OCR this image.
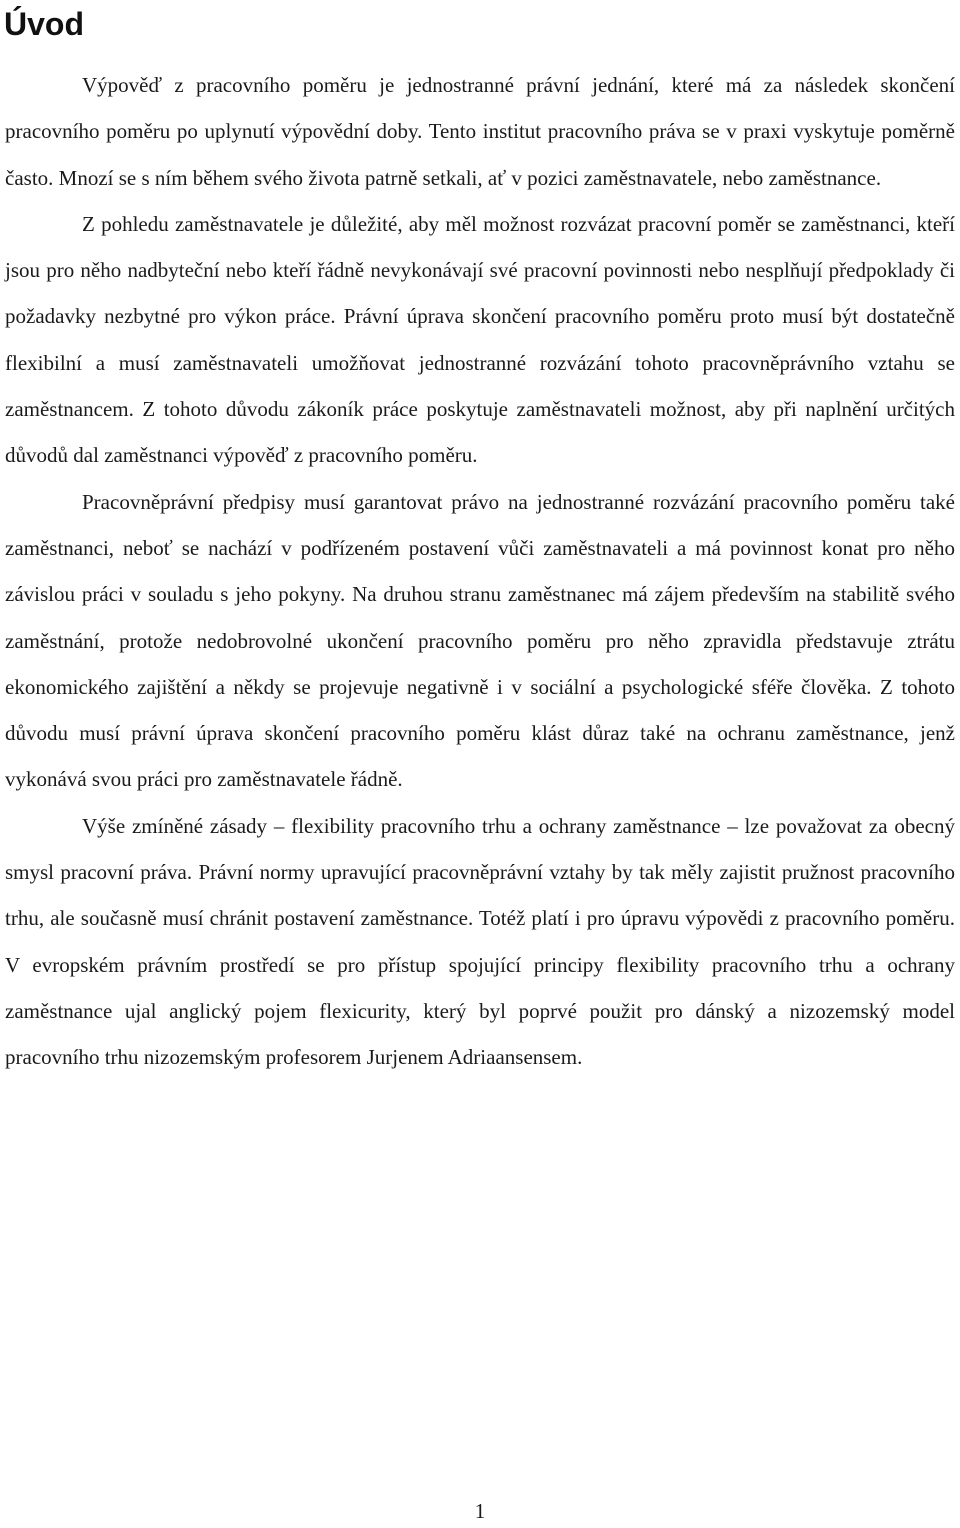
Úvod

Výpověď z pracovního poměru je jednostranné právní jednání, které má za následek skončení pracovního poměru po uplynutí výpovědní doby. Tento institut pracovního práva se v praxi vyskytuje poměrně často. Mnozí se s ním během svého života patrně setkali, ať v pozici zaměstnavatele, nebo zaměstnance.

Z pohledu zaměstnavatele je důležité, aby měl možnost rozvázat pracovní poměr se zaměstnanci, kteří jsou pro něho nadbyteční nebo kteří řádně nevykonávají své pracovní povinnosti nebo nesplňují předpoklady či požadavky nezbytné pro výkon práce. Právní úprava skončení pracovního poměru proto musí být dostatečně flexibilní a musí zaměstnavateli umožňovat jednostranné rozvázání tohoto pracovněprávního vztahu se zaměstnancem. Z tohoto důvodu zákoník práce poskytuje zaměstnavateli možnost, aby při naplnění určitých důvodů dal zaměstnanci výpověď z pracovního poměru.

Pracovněprávní předpisy musí garantovat právo na jednostranné rozvázání pracovního poměru také zaměstnanci, neboť se nachází v podřízeném postavení vůči zaměstnavateli a má povinnost konat pro něho závislou práci v souladu s jeho pokyny. Na druhou stranu zaměstnanec má zájem především na stabilitě svého zaměstnání, protože nedobrovolné ukončení pracovního poměru pro něho zpravidla představuje ztrátu ekonomického zajištění a někdy se projevuje negativně i v sociální a psychologické sféře člověka. Z tohoto důvodu musí právní úprava skončení pracovního poměru klást důraz také na ochranu zaměstnance, jenž vykonává svou práci pro zaměstnavatele řádně.

Výše zmíněné zásady – flexibility pracovního trhu a ochrany zaměstnance – lze považovat za obecný smysl pracovní práva. Právní normy upravující pracovněprávní vztahy by tak měly zajistit pružnost pracovního trhu, ale současně musí chránit postavení zaměstnance. Totéž platí i pro úpravu výpovědi z pracovního poměru. V evropském právním prostředí se pro přístup spojující principy flexibility pracovního trhu a ochrany zaměstnance ujal anglický pojem flexicurity, který byl poprvé použit pro dánský a nizozemský model pracovního trhu nizozemským profesorem Jurjenem Adriaansensem.

1
